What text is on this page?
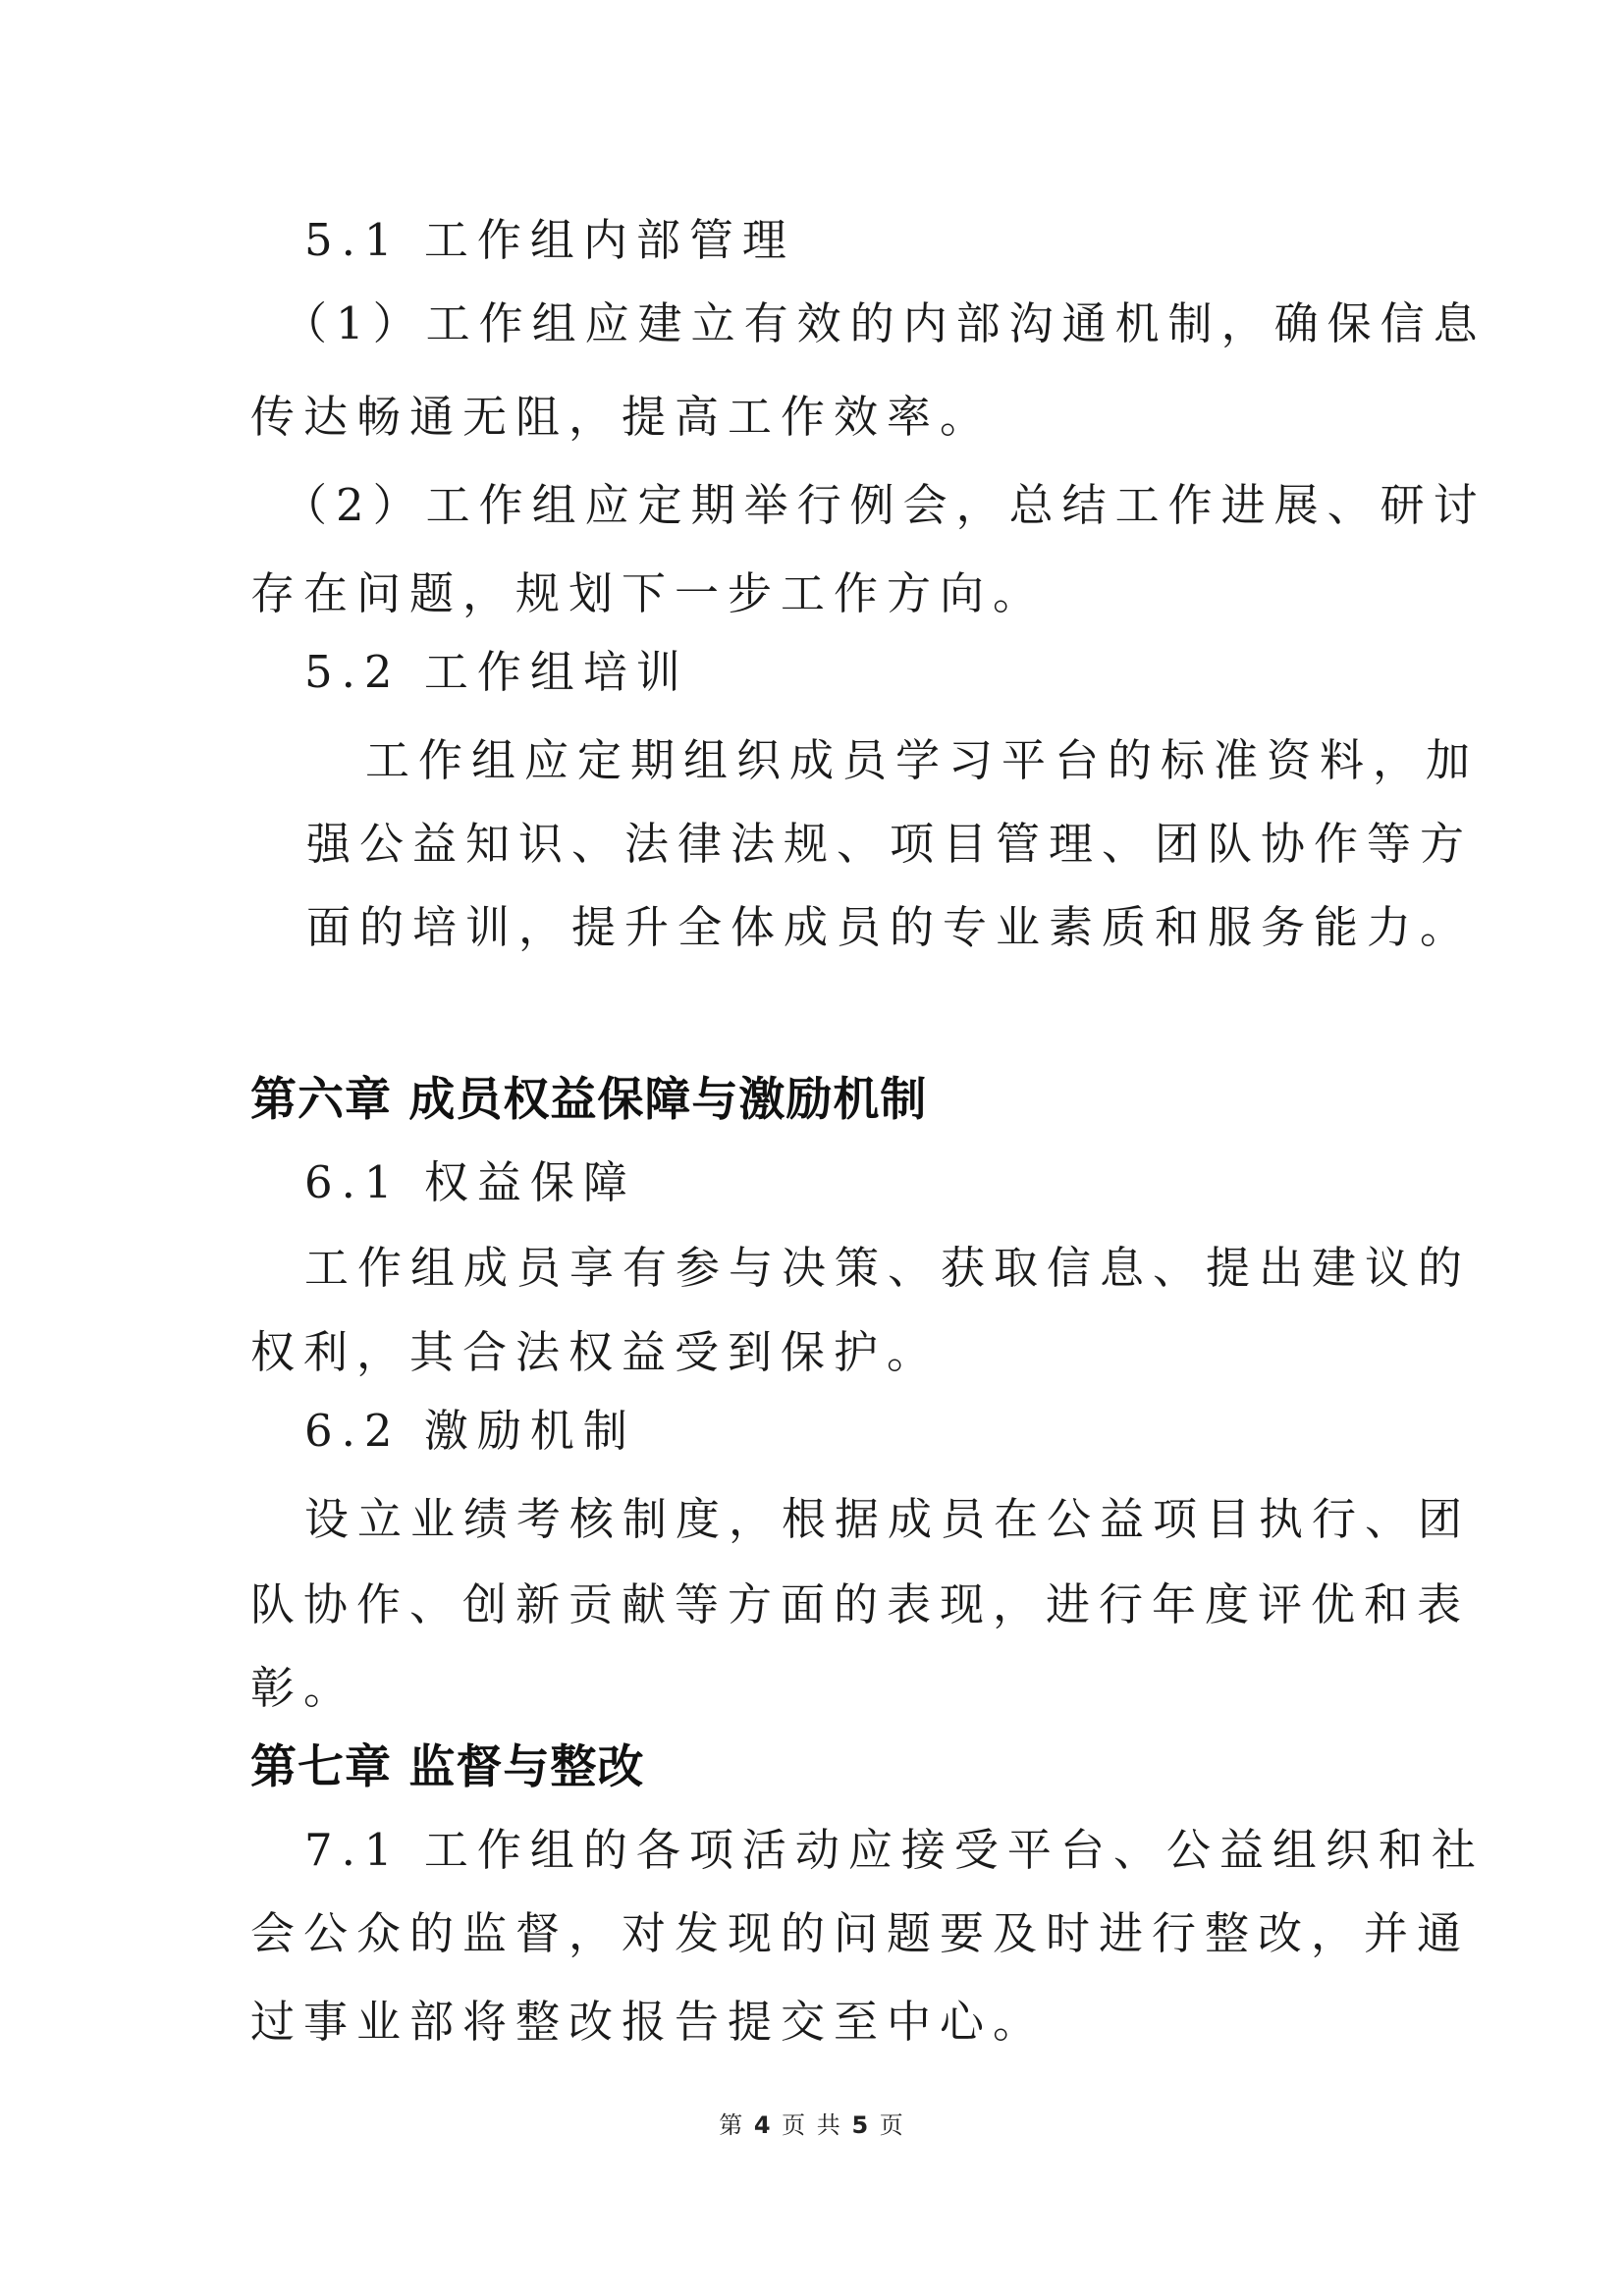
5.1 工作组内部管理
（1）工作组应建立有效的内部沟通机制，确保信息
传达畅通无阻，提高工作效率。
（2）工作组应定期举行例会，总结工作进展、研讨
存在问题，规划下一步工作方向。
5.2 工作组培训
工作组应定期组织成员学习平台的标准资料，加
强公益知识、法律法规、项目管理、团队协作等方
面的培训，提升全体成员的专业素质和服务能力。
第六章 成员权益保障与激励机制
6.1 权益保障
工作组成员享有参与决策、获取信息、提出建议的
权利，其合法权益受到保护。
6.2 激励机制
设立业绩考核制度，根据成员在公益项目执行、团
队协作、创新贡献等方面的表现，进行年度评优和表
彰。
第七章 监督与整改
7.1 工作组的各项活动应接受平台、公益组织和社
会公众的监督，对发现的问题要及时进行整改，并通
过事业部将整改报告提交至中心。
第 4 页 共 5 页
